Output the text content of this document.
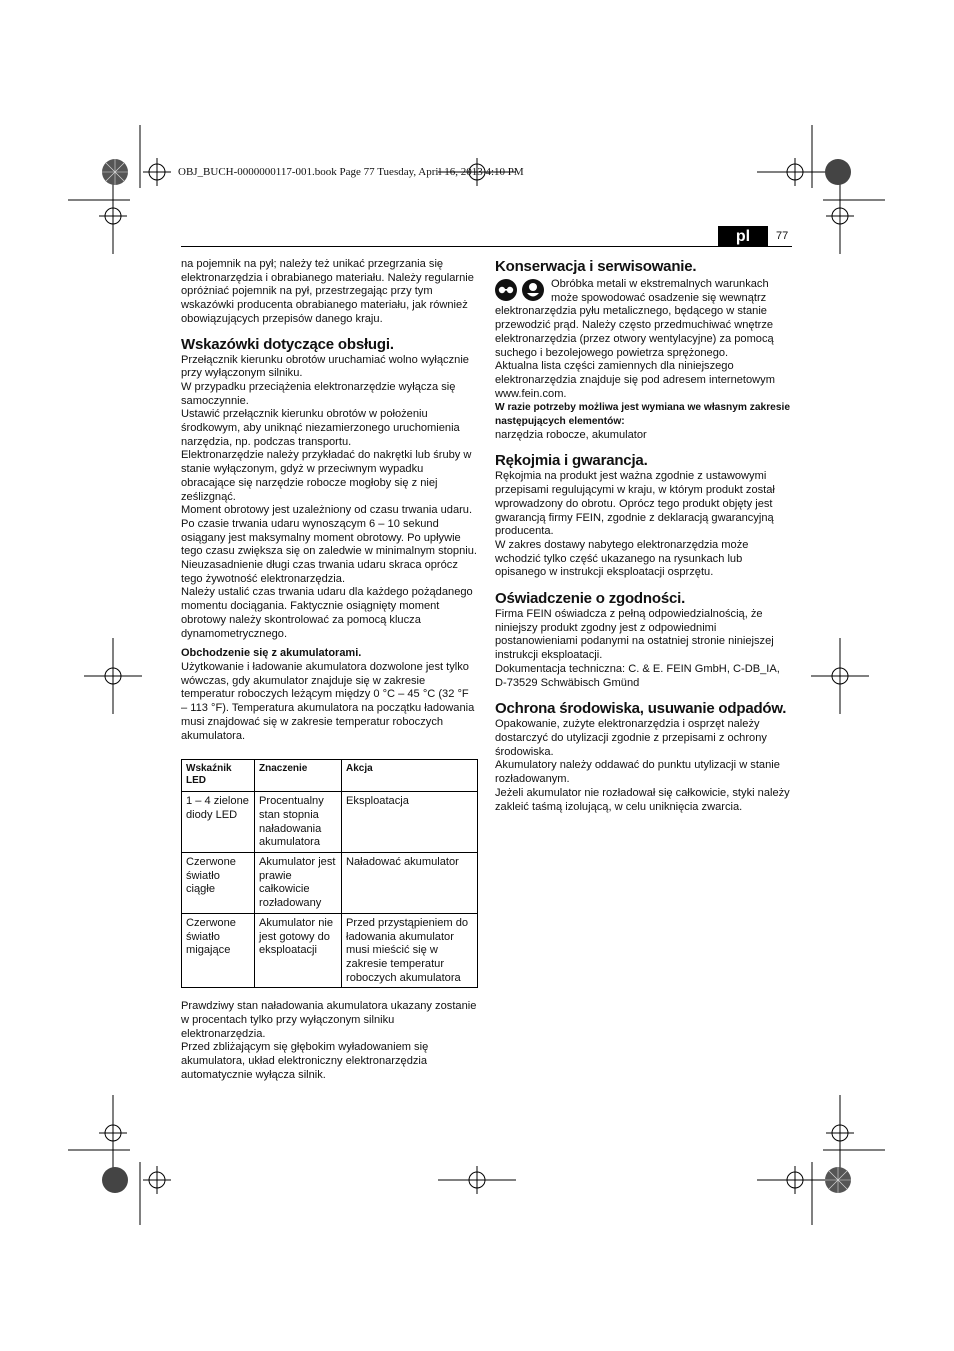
OBJ_BUCH-0000000117-001.book Page 77 Tuesday, April 16, 2013 4:10 PM
pl	77

na pojemnik na pył; należy też unikać przegrzania się elektronarzędzia i obrabianego materiału. Należy regularnie opróżniać pojemnik na pył, przestrzegając przy tym wskazówki producenta obrabianego materiału, jak również obowiązujących przepisów danego kraju.

Wskazówki dotyczące obsługi.

Przełącznik kierunku obrotów uruchamiać wolno wyłącznie przy wyłączonym silniku.

W przypadku przeciążenia elektronarzędzie wyłącza się samoczynnie.

Ustawić przełącznik kierunku obrotów w położeniu środkowym, aby uniknąć niezamierzonego uruchomienia narzędzia, np. podczas transportu.

Elektronarzędzie należy przykładać do nakrętki lub śruby w stanie wyłączonym, gdyż w przeciwnym wypadku obracające się narzędzie robocze mogłoby się z niej ześlizgnąć.

Moment obrotowy jest uzależniony od czasu trwania udaru. Po czasie trwania udaru wynoszącym 6 – 10 sekund osiągany jest maksymalny moment obrotowy. Po upływie tego czasu zwiększa się on zaledwie w minimalnym stopniu. Nieuzasadnienie długi czas trwania udaru skraca oprócz tego żywotność elektronarzędzia.

Należy ustalić czas trwania udaru dla każdego pożądanego momentu dociągania. Faktycznie osiągnięty moment obrotowy należy skontrolować za pomocą klucza dynamometrycznego.

Obchodzenie się z akumulatorami.

Użytkowanie i ładowanie akumulatora dozwolone jest tylko wówczas, gdy akumulator znajduje się w zakresie temperatur roboczych leżącym między 0 °C – 45 °C (32 °F – 113 °F). Temperatura akumulatora na początku ładowania musi znajdować się w zakresie temperatur roboczych akumulatora.

Wskaźnik LED	Znaczenie	Akcja
1 – 4 zielone diody LED	Procentualny stan stopnia naładowania akumulatora	Eksploatacja
Czerwone światło ciągłe	Akumulator jest prawie całkowicie rozładowany	Naładować akumulator
Czerwone światło migające	Akumulator nie jest gotowy do eksploatacji	Przed przystąpieniem do ładowania akumulator musi mieścić się w zakresie temperatur roboczych akumulatora

Prawdziwy stan naładowania akumulatora ukazany zostanie w procentach tylko przy wyłączonym silniku elektronarzędzia.

Przed zbliżającym się głębokim wyładowaniem się akumulatora, układ elektroniczny elektronarzędzia automatycznie wyłącza silnik.

Konserwacja i serwisowanie.

Obróbka metali w ekstremalnych warunkach może spowodować osadzenie się wewnątrz elektronarzędzia pyłu metalicznego, będącego w stanie przewodzić prąd. Należy często przedmuchiwać wnętrze elektronarzędzia (przez otwory wentylacyjne) za pomocą suchego i bezolejowego powietrza sprężonego.

Aktualna lista części zamiennych dla niniejszego elektronarzędzia znajduje się pod adresem internetowym www.fein.com.

W razie potrzeby możliwa jest wymiana we własnym zakresie następujących elementów:

narzędzia robocze, akumulator

Rękojmia i gwarancja.

Rękojmia na produkt jest ważna zgodnie z ustawowymi przepisami regulującymi w kraju, w którym produkt został wprowadzony do obrotu. Oprócz tego produkt objęty jest gwarancją firmy FEIN, zgodnie z deklaracją gwarancyjną producenta.

W zakres dostawy nabytego elektronarzędzia może wchodzić tylko część ukazanego na rysunkach lub opisanego w instrukcji eksploatacji osprzętu.

Oświadczenie o zgodności.

Firma FEIN oświadcza z pełną odpowiedzialnością, że niniejszy produkt zgodny jest z odpowiednimi postanowieniami podanymi na ostatniej stronie niniejszej instrukcji eksploatacji.

Dokumentacja techniczna: C. & E. FEIN GmbH, C-DB_IA, D-73529 Schwäbisch Gmünd

Ochrona środowiska, usuwanie odpadów.

Opakowanie, zużyte elektronarzędzia i osprzęt należy dostarczyć do utylizacji zgodnie z przepisami z ochrony środowiska.

Akumulatory należy oddawać do punktu utylizacji w stanie rozładowanym.

Jeżeli akumulator nie rozładował się całkowicie, styki należy zakleić taśmą izolującą, w celu uniknięcia zwarcia.
